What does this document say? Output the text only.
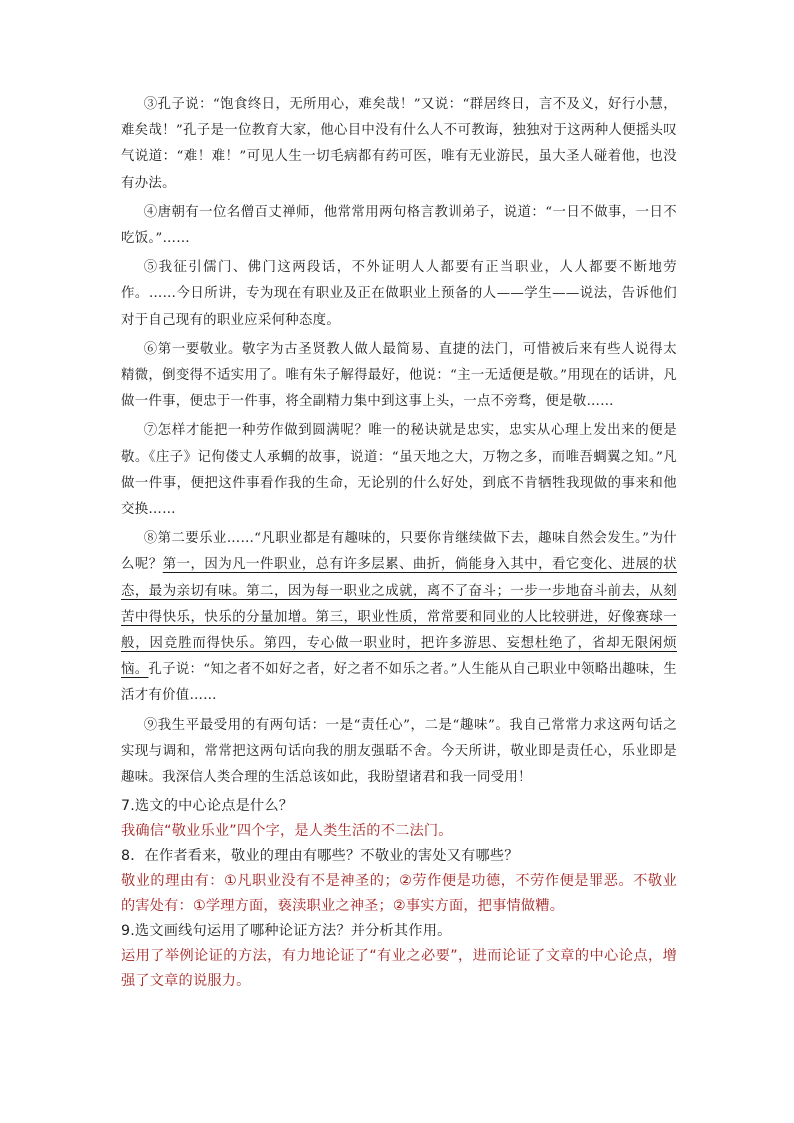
③孔子说：“饱食终日，无所用心，难矣哉！”又说：“群居终日，言不及义，好行小慧，难矣哉！”孔子是一位教育大家，他心目中没有什么人不可教诲，独独对于这两种人便摇头叹气说道：“难！难！”可见人生一切毛病都有药可医，唯有无业游民，虽大圣人碰着他，也没有办法。

④唐朝有一位名僧百丈禅师，他常常用两句格言教训弟子，说道：“一日不做事，一日不吃饭。”……

⑤我征引儒门、佛门这两段话，不外证明人人都要有正当职业，人人都要不断地劳作。……今日所讲，专为现在有职业及正在做职业上预备的人——学生——说法，告诉他们对于自己现有的职业应采何种态度。

⑥第一要敬业。敬字为古圣贤教人做人最简易、直捷的法门，可惜被后来有些人说得太精微，倒变得不适实用了。唯有朱子解得最好，他说：“主一无适便是敬。”用现在的话讲，凡做一件事，便忠于一件事，将全副精力集中到这事上头，一点不旁骛，便是敬……

⑦怎样才能把一种劳作做到圆满呢？唯一的秘诀就是忠实，忠实从心理上发出来的便是敬。《庄子》记佝偻丈人承蜩的故事，说道：“虽天地之大，万物之多，而唯吾蜩翼之知。”凡做一件事，便把这件事看作我的生命，无论别的什么好处，到底不肯牺牲我现做的事来和他交换……

⑧第二要乐业……“凡职业都是有趣味的，只要你肯继续做下去，趣味自然会发生。”为什么呢？第一，因为凡一件职业，总有许多层累、曲折，倘能身入其中，看它变化、进展的状态，最为亲切有味。第二，因为每一职业之成就，离不了奋斗；一步一步地奋斗前去，从刻苦中得快乐，快乐的分量加增。第三，职业性质，常常要和同业的人比较骈进，好像赛球一般，因竞胜而得快乐。第四，专心做一职业时，把许多游思、妄想杜绝了，省却无限闲烦恼。孔子说：“知之者不如好之者，好之者不如乐之者。”人生能从自己职业中领略出趣味，生活才有价值……

⑨我生平最受用的有两句话：一是“责任心”，二是“趣味”。我自己常常力求这两句话之实现与调和，常常把这两句话向我的朋友强聒不舍。今天所讲，敬业即是责任心，乐业即是趣味。我深信人类合理的生活总该如此，我盼望诸君和我一同受用！

7.选文的中心论点是什么？

我确信“敬业乐业”四个字，是人类生活的不二法门。

8．在作者看来，敬业的理由有哪些？不敬业的害处又有哪些？

敬业的理由有：①凡职业没有不是神圣的；②劳作便是功德，不劳作便是罪恶。不敬业的害处有：①学理方面，亵渎职业之神圣；②事实方面，把事情做糟。

9.选文画线句运用了哪种论证方法？并分析其作用。

运用了举例论证的方法，有力地论证了“有业之必要”，进而论证了文章的中心论点，增强了文章的说服力。
